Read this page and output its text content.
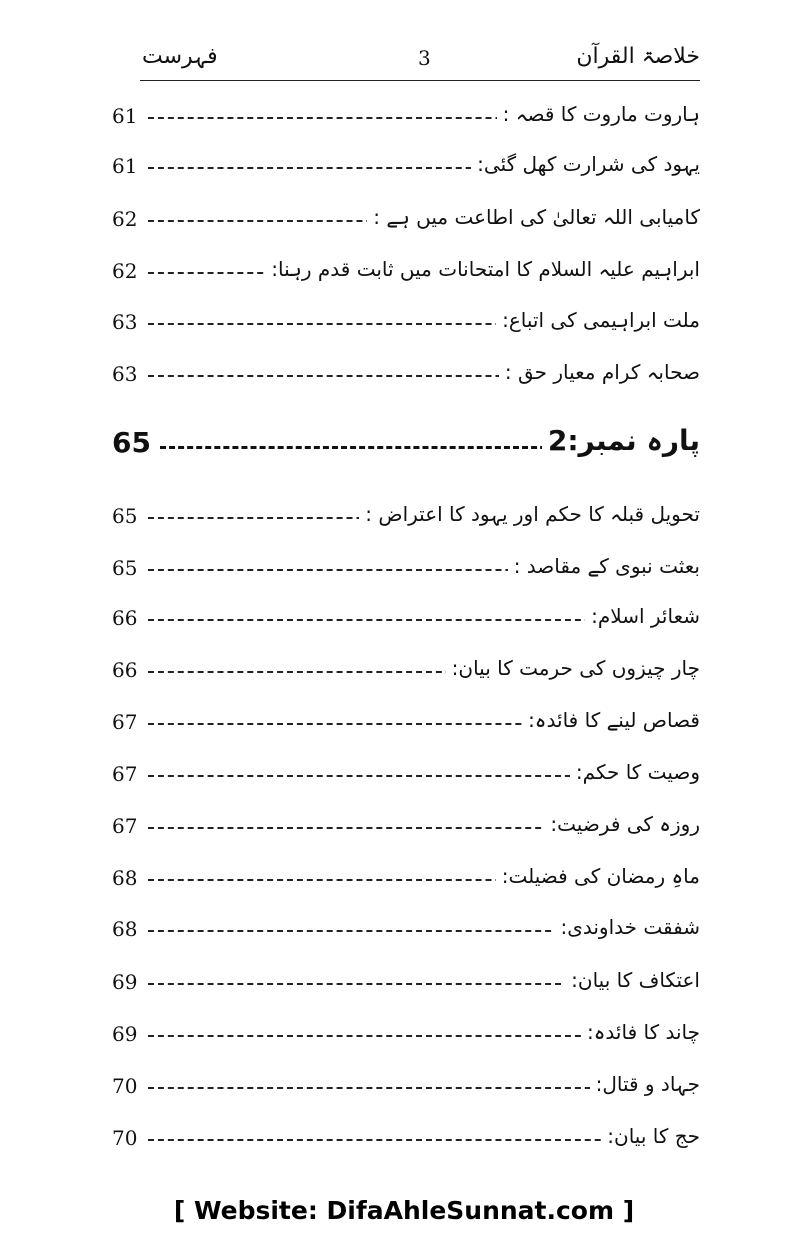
خلاصۃ القرآن
3
فہرست
61	ہاروت ماروت کا قصہ :
61	یہود کی شرارت کھل گئی:
62	کامیابی اللہ تعالیٰ کی اطاعت میں ہے :
62	ابراہیم علیہ السلام کا امتحانات میں ثابت قدم رہنا:
63	ملت ابراہیمی کی اتباع:
63	صحابہ کرام معیار حق :
65	پارہ نمبر:2
65	تحویل قبلہ کا حکم اور یہود کا اعتراض :
65	بعثت نبوی کے مقاصد :
66	شعائر اسلام:
66	چار چیزوں کی حرمت کا بیان:
67	قصاص لینے کا فائدہ:
67	وصیت کا حکم:
67	روزہ کی فرضیت:
68	ماہِ رمضان کی فضیلت:
68	شفقت خداوندی:
69	اعتکاف کا بیان:
69	چاند کا فائدہ:
70	جہاد و قتال:
70	حج کا بیان:
[ Website: DifaAhleSunnat.com ]
